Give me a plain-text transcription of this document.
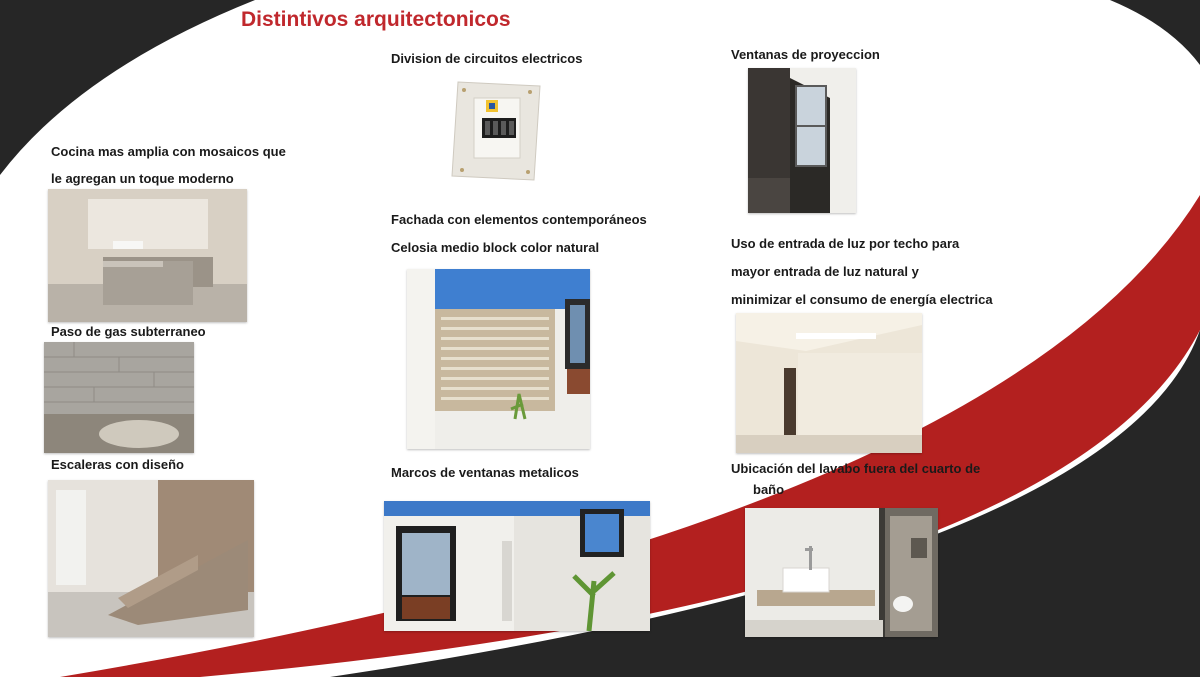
Distintivos arquitectonicos

Cocina mas amplia con mosaicos que

le agregan un toque moderno

Paso de gas subterraneo

Escaleras con diseño

Division de circuitos electricos

Fachada con elementos contemporáneos

Celosia medio block color natural

Marcos de ventanas metalicos

Ventanas de proyeccion

Uso de entrada de luz por techo para

mayor entrada de luz natural y

minimizar el consumo de energía electrica

Ubicación del lavabo fuera del cuarto de

baño
